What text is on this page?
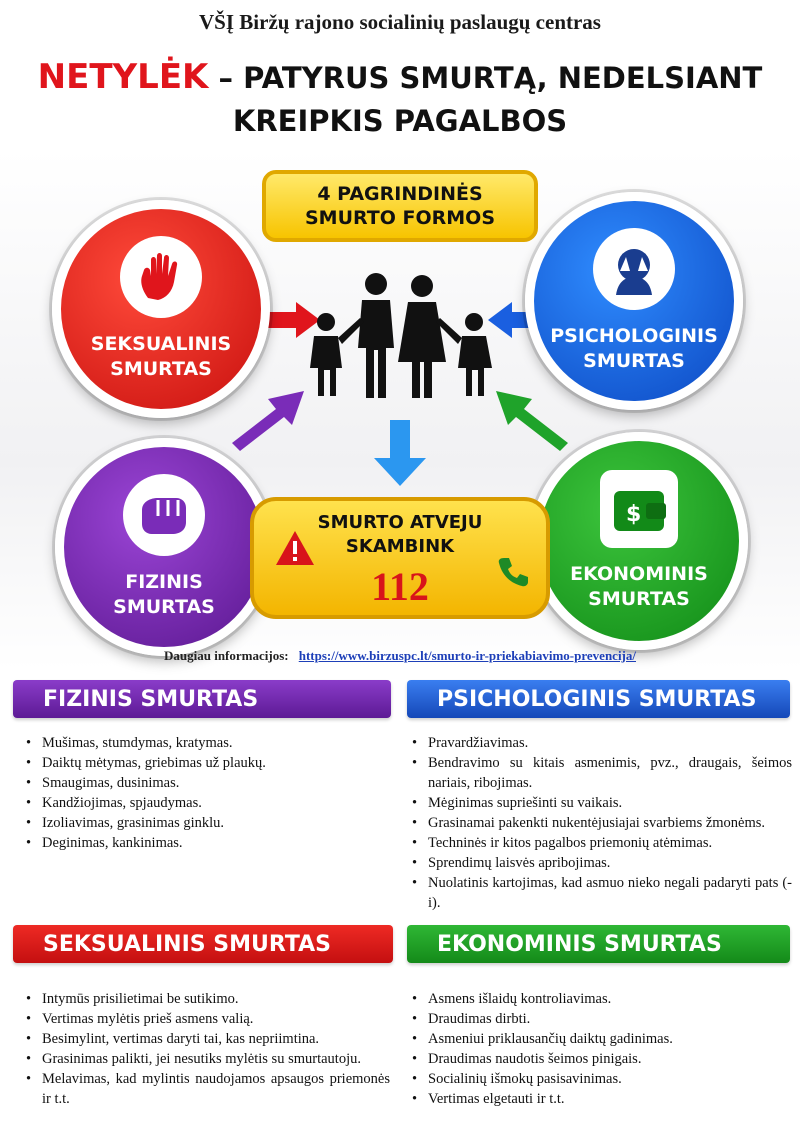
VŠĮ Biržų rajono socialinių paslaugų centras
NETYLĖK – PATYRUS SMURTĄ, NEDELSIANT
KREIPKIS PAGALBOS
4 PAGRINDINĖS
SMURTO FORMOS
SEKSUALINIS
SMURTAS
PSICHOLOGINIS
SMURTAS
FIZINIS
SMURTAS
$
EKONOMINIS
SMURTAS
SMURTO ATVEJU
SKAMBINK
112
Daugiau informacijos: https://www.birzuspc.lt/smurto-ir-priekabiavimo-prevencija/
FIZINIS SMURTAS	PSICHOLOGINIS SMURTAS
• Mušimas, stumdymas, kratymas.
• Daiktų mėtymas, griebimas už plaukų.
• Smaugimas, dusinimas.
• Kandžiojimas, spjaudymas.
• Izoliavimas, grasinimas ginklu.
• Deginimas, kankinimas.
• Pravardžiavimas.
• Bendravimo su kitais asmenimis, pvz., draugais, šeimos nariais, ribojimas.
• Mėginimas supriešinti su vaikais.
• Grasinamai pakenkti nukentėjusiajai svarbiems žmonėms.
• Techninės ir kitos pagalbos priemonių atėmimas.
• Sprendimų laisvės apribojimas.
• Nuolatinis kartojimas, kad asmuo nieko negali padaryti pats (-i).
SEKSUALINIS SMURTAS	EKONOMINIS SMURTAS
• Intymūs prisilietimai be sutikimo.
• Vertimas mylėtis prieš asmens valią.
• Besimylint, vertimas daryti tai, kas nepriimtina.
• Grasinimas palikti, jei nesutiks mylėtis su smurtautoju.
• Melavimas, kad mylintis naudojamos apsaugos priemonės ir t.t.
• Asmens išlaidų kontroliavimas.
• Draudimas dirbti.
• Asmeniui priklausančių daiktų gadinimas.
• Draudimas naudotis šeimos pinigais.
• Socialinių išmokų pasisavinimas.
• Vertimas elgetauti ir t.t.
